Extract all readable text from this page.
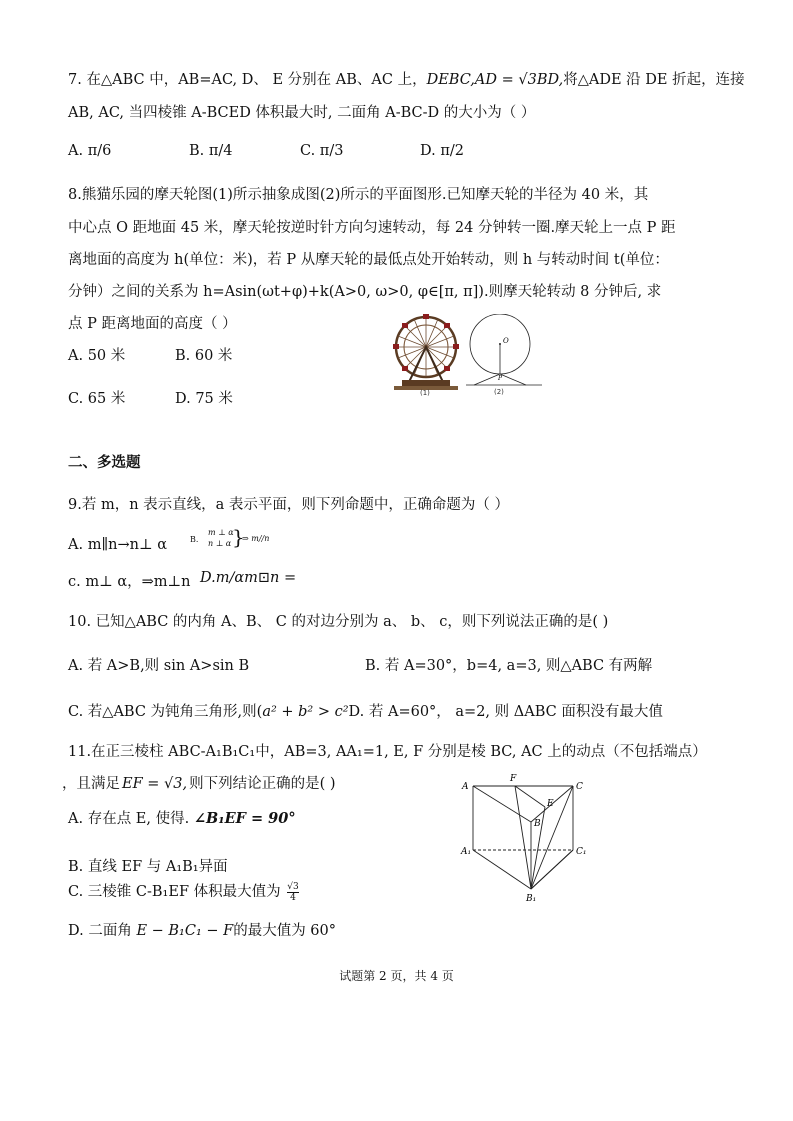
7. 在△ABC 中，AB=AC, D、 E 分别在 AB、AC 上，DEBC,AD = √3BD,将△ADE 沿 DE 折起，连接
AB, AC, 当四棱锥 A-BCED 体积最大时, 二面角 A-BC-D 的大小为（ ）
A. π/6	B. π/4	C. π/3	D. π/2
8.熊猫乐园的摩天轮图(1)所示抽象成图(2)所示的平面图形.已知摩天轮的半径为 40 米，其
中心点 O 距地面 45 米，摩天轮按逆时针方向匀速转动，每 24 分钟转一圈.摩天轮上一点 P 距
离地面的高度为 h(单位：米)，若 P 从摩天轮的最低点处开始转动，则 h 与转动时间 t(单位：
分钟）之间的关系为 h=Asin(ωt+φ)+k(A>0, ω>0, φ∈[π, π]).则摩天轮转动 8 分钟后, 求
点 P 距离地面的高度（ ）
A. 50 米	B. 60 米
C. 65 米	D. 75 米	(1)
O
P
(2)
二、多选题
9.若 m，n 表示直线，a 表示平面，则下列命题中，正确命题为（ ）
A. m∥n→n⊥ α	B.
m ⊥ α
n ⊥ α }
⇒ m//n
c. m⊥ α，⇒m⊥n D.m∕αm⊡n =
10. 已知△ABC 的内角 A、B、 C 的对边分别为 a、 b、 c，则下列说法正确的是( )
A. 若 A>B,则 sin A>sin B	B. 若 A=30°，b=4, a=3, 则△ABC 有两解
C. 若△ABC 为钝角三角形,则(a² + b² > c²D. 若 A=60°， a=2, 则 ΔABC 面积没有最大值
11.在正三棱柱 ABC-A₁B₁C₁中，AB=3, AA₁=1, E, F 分别是棱 BC, AC 上的动点（不包括端点）
，且满足 EF = √3, 则下列结论正确的是( )
A. 存在点 E, 使得. ∠B₁EF = 90°
B. 直线 EF 与 A₁B₁异面
C. 三棱锥 C-B₁EF 体积最大值为 $\frac{√3}{4}$
D. 二面角 E − B₁C₁ − F的最大值为 60°
A
F
C
E
B
A₁	C₁
B₁
试题第 2 页，共 4 页
